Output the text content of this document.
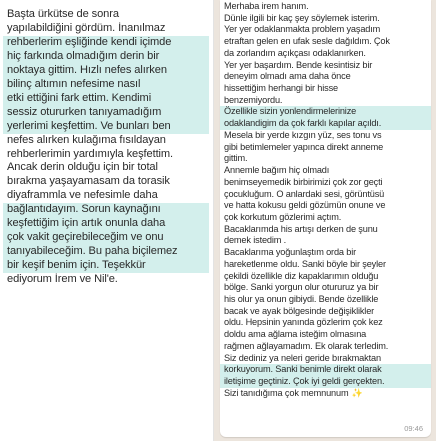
Başta ürkütse de sonra
yapılabildiğini gördüm. İnanılmaz
rehberlerim eşliğinde kendi içimde
hiç farkında olmadığım derin bir
noktaya gittim. Hızlı nefes alırken
bilinç altımın nefesime nasıl
etki ettiğini fark ettim. Kendimi
sessiz otururken tanıyamadığım
yerlerimi keşfettim. Ve bunları ben
nefes alırken kulağıma fısıldayan
rehberlerimin yardımıyla keşfettim.
Ancak derin olduğu için bir total
bırakma yaşayamasam da torasik
diyaframmla ve nefesimle daha
bağlantıdayım. Sorun kaynağını
keşfettiğim için artık onunla daha
çok vakit geçirebileceğim ve onu
tanıyabileceğim. Bu paha biçilemez
bir keşif benim için. Teşekkür
ediyorum İrem ve Nil'e.
Merhaba irem hanım.
Dünle ilgili bir kaç şey söylemek isterim.
Yer yer odaklanmakta problem yaşadım
etraftan gelen en ufak sesle dağıldım. Çok
da zorlandım açıkçası odaklanırken.
Yer yer başardım. Bende kesintisiz bir
deneyim olmadı ama daha önce
hissettiğim herhangi bir hisse
benzemiyordu.
Özellikle sizin yonlendirmelerinize
odaklandigim da çok farklı kapılar açıldı.
Mesela bir yerde kızgın yüz, ses tonu vs
gibi betimlemeler yapınca direkt anneme
gittim.
Annemle bağım hiç olmadı
benimseyemedik birbirimizi çok zor geçti
çocukluğum. O anlardaki sesi, görüntüsü
ve hatta kokusu geldi gözümün onune ve
çok korkutum gözlerimi açtım.
Bacaklarımda his artışı derken de şunu
demek istedim .
Bacaklarıma yoğunlaştım orda bir
hareketlenme oldu. Sanki böyle bir şeyler
çekildi özellikle diz kapaklarımın olduğu
bölge. Sanki yorgun olur otururuz ya bir
his olur ya onun gibiydi. Bende özellikle
bacak ve ayak bölgesinde değişiklikler
oldu. Hepsinin yanında gözlerim çok kez
doldu ama ağlama isteğim olmasına
rağmen ağlayamadım. Ek olarak terledim.
Siz dediniz ya neleri geride bırakmaktan
korkuyorum. Sanki benimle direkt olarak
iletişime geçtiniz. Çok iyi geldi gerçekten.
Sizi tanıdığıma çok memnunum ✨
09:46
